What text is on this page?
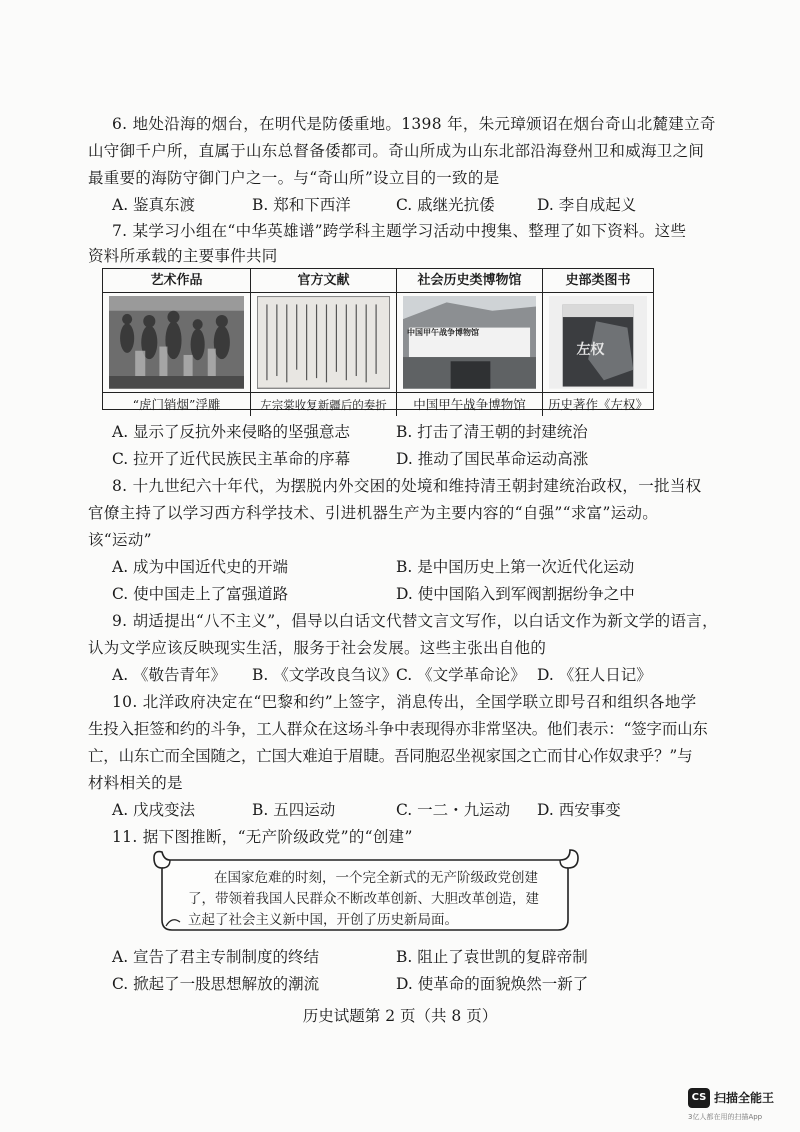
6. 地处沿海的烟台，在明代是防倭重地。1398 年，朱元璋颁诏在烟台奇山北麓建立奇
山守御千户所，直属于山东总督备倭都司。奇山所成为山东北部沿海登州卫和威海卫之间
最重要的海防守御门户之一。与“奇山所”设立目的一致的是
A. 鉴真东渡	B. 郑和下西洋	C. 戚继光抗倭	D. 李自成起义
7. 某学习小组在“中华英雄谱”跨学科主题学习活动中搜集、整理了如下资料。这些
资料所承载的主要事件共同
艺术作品	官方文献	社会历史类博物馆	史部类图书
中国甲午战争博物馆
左权
“虎门销烟”浮雕	左宗棠收复新疆后的奏折	中国甲午战争博物馆	历史著作《左权》
A. 显示了反抗外来侵略的坚强意志	B. 打击了清王朝的封建统治
C. 拉开了近代民族民主革命的序幕	D. 推动了国民革命运动高涨
8. 十九世纪六十年代，为摆脱内外交困的处境和维持清王朝封建统治政权，一批当权
官僚主持了以学习西方科学技术、引进机器生产为主要内容的“自强”“求富”运动。
该“运动”
A. 成为中国近代史的开端	B. 是中国历史上第一次近代化运动
C. 使中国走上了富强道路	D. 使中国陷入到军阀割据纷争之中
9. 胡适提出“八不主义”，倡导以白话文代替文言文写作，以白话文作为新文学的语言，
认为文学应该反映现实生活，服务于社会发展。这些主张出自他的
A. 《敬告青年》 B. 《文学改良刍议》
C. 《文学革命论》 D. 《狂人日记》
10. 北洋政府决定在“巴黎和约”上签字，消息传出，全国学联立即号召和组织各地学
生投入拒签和约的斗争，工人群众在这场斗争中表现得亦非常坚决。他们表示：“签字而山东
亡，山东亡而全国随之，亡国大难迫于眉睫。吾同胞忍坐视家国之亡而甘心作奴隶乎？”与
材料相关的是
A. 戊戌变法	B. 五四运动	C. 一二・九运动 D. 西安事变
11. 据下图推断，“无产阶级政党”的“创建”
在国家危难的时刻，一个完全新式的无产阶级政党创建
了，带领着我国人民群众不断改革创新、大胆改革创造，建
立起了社会主义新中国，开创了历史新局面。
A. 宣告了君主专制制度的终结	B. 阻止了袁世凯的复辟帝制
C. 掀起了一股思想解放的潮流	D. 使革命的面貌焕然一新了
历史试题第 2 页（共 8 页）
CS 扫描全能王
3亿人都在用的扫描App
